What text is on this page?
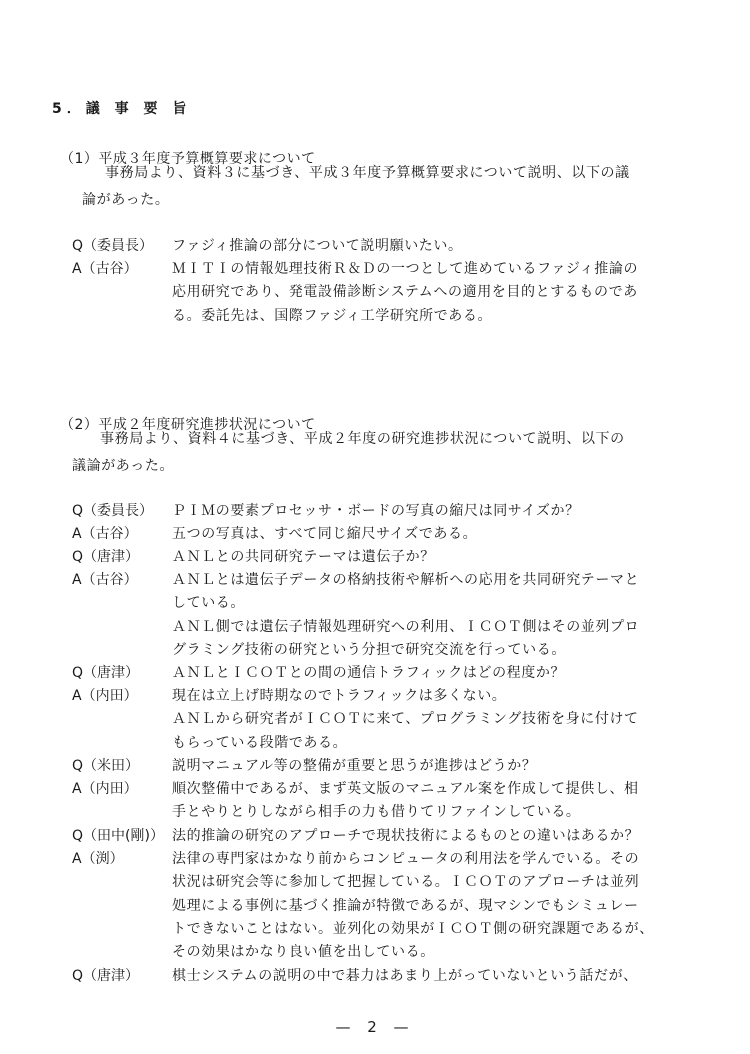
5．議 事 要 旨
（1）平成３年度予算概算要求について
事務局より、資料３に基づき、平成３年度予算概算要求について説明、以下の議
論があった。
Q（委員長） ファジィ推論の部分について説明願いたい。
A（古谷） ＭＩＴＩの情報処理技術Ｒ＆Ｄの一つとして進めているファジィ推論の
応用研究であり、発電設備診断システムへの適用を目的とするものであ
る。委託先は、国際ファジィ工学研究所である。
（2）平成２年度研究進捗状況について
事務局より、資料４に基づき、平成２年度の研究進捗状況について説明、以下の
議論があった。
Q（委員長） ＰＩＭの要素プロセッサ・ボードの写真の縮尺は同サイズか？
A（古谷） 五つの写真は、すべて同じ縮尺サイズである。
Q（唐津） ＡＮＬとの共同研究テーマは遺伝子か？
A（古谷） ＡＮＬとは遺伝子データの格納技術や解析への応用を共同研究テーマと
している。
ＡＮＬ側では遺伝子情報処理研究への利用、ＩＣＯＴ側はその並列プロ
グラミング技術の研究という分担で研究交流を行っている。
Q（唐津） ＡＮＬとＩＣＯＴとの間の通信トラフィックはどの程度か？
A（内田） 現在は立上げ時期なのでトラフィックは多くない。
ＡＮＬから研究者がＩＣＯＴに来て、プログラミング技術を身に付けて
もらっている段階である。
Q（米田） 説明マニュアル等の整備が重要と思うが進捗はどうか？
A（内田） 順次整備中であるが、まず英文版のマニュアル案を作成して提供し、相
手とやりとりしながら相手の力も借りてリファインしている。
Q（田中(剛)） 法的推論の研究のアプローチで現状技術によるものとの違いはあるか？
A（渕）	法律の専門家はかなり前からコンピュータの利用法を学んでいる。その
状況は研究会等に参加して把握している。ＩＣＯＴのアプローチは並列
処理による事例に基づく推論が特徴であるが、現マシンでもシミュレー
トできないことはない。並列化の効果がＩＣＯＴ側の研究課題であるが、
その効果はかなり良い値を出している。
Q（唐津） 棋士システムの説明の中で碁力はあまり上がっていないという話だが、
— 2 —
